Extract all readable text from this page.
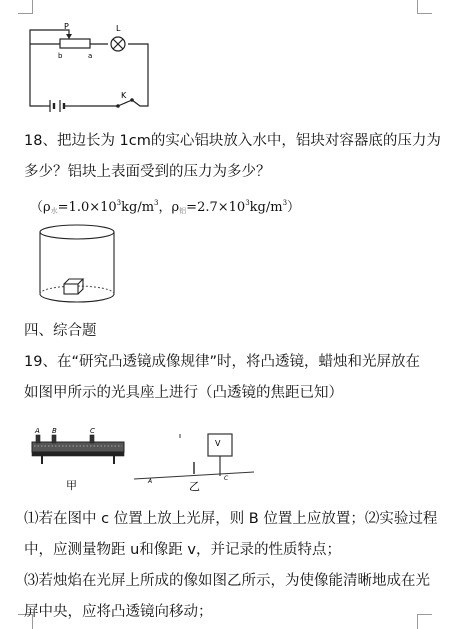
P	L
b	a
K
18、把边长为 1cm的实心铝块放入水中，铝块对容器底的压力为
多少？铝块上表面受到的压力为多少？
（$\rho_水=1.0\times 10^3kg/m^3$，$\rho_铝=2.7\times 10^3kg/m^3$）
四、综合题
19、在“研究凸透镜成像规律”时，将凸透镜，蜡烛和光屏放在
如图甲所示的光具座上进行（凸透镜的焦距已知）
A B	C
甲
V
A	C
乙
⑴若在图中 c 位置上放上光屏，则 B 位置上应放置；⑵实验过程
中，应测量物距 u和像距 v，并记录的性质特点；
⑶若烛焰在光屏上所成的像如图乙所示，为使像能清晰地成在光
屏中央，应将凸透镜向移动；
